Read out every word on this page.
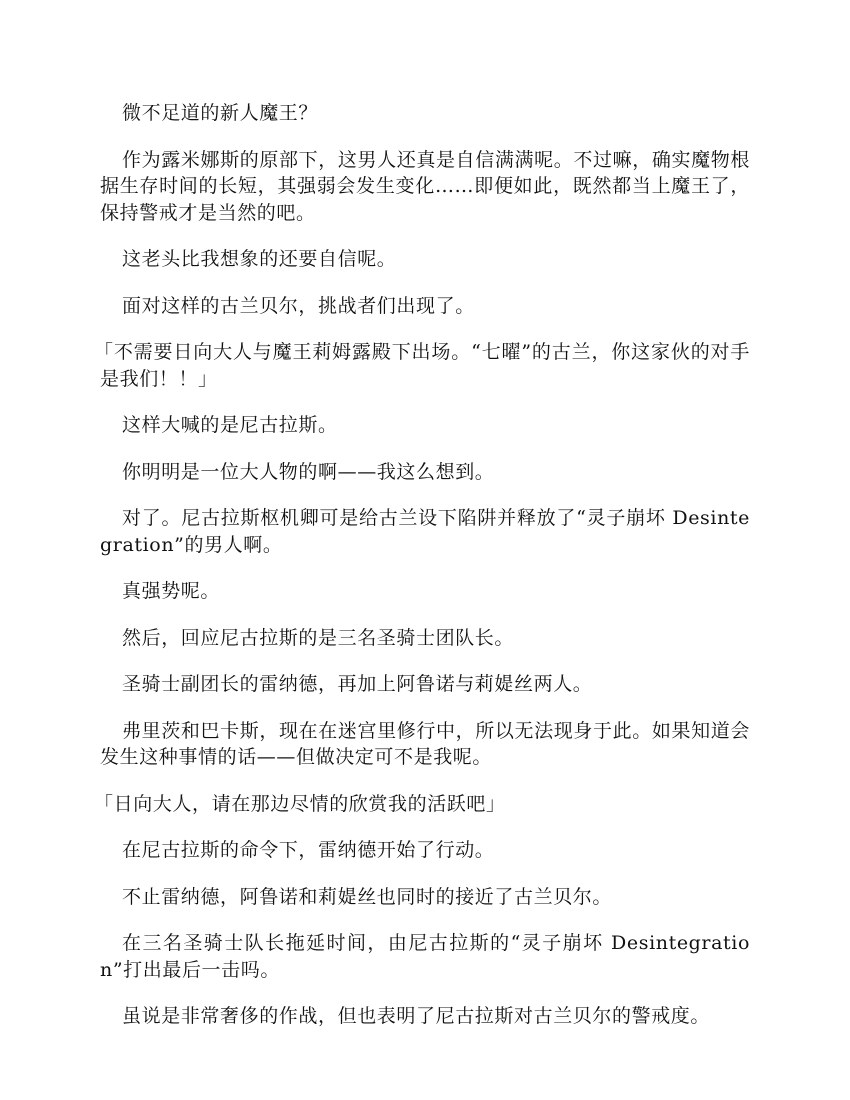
微不足道的新人魔王？

作为露米娜斯的原部下，这男人还真是自信满满呢。不过嘛，确实魔物根据生存时间的长短，其强弱会发生变化……即便如此，既然都当上魔王了，保持警戒才是当然的吧。

这老头比我想象的还要自信呢。

面对这样的古兰贝尔，挑战者们出现了。

「不需要日向大人与魔王莉姆露殿下出场。“七曜”的古兰，你这家伙的对手是我们！！」

这样大喊的是尼古拉斯。

你明明是一位大人物的啊——我这么想到。

对了。尼古拉斯枢机卿可是给古兰设下陷阱并释放了“灵子崩坏 Desintegration”的男人啊。

真强势呢。

然后，回应尼古拉斯的是三名圣骑士团队长。

圣骑士副团长的雷纳德，再加上阿鲁诺与莉媞丝两人。

弗里茨和巴卡斯，现在在迷宫里修行中，所以无法现身于此。如果知道会发生这种事情的话——但做决定可不是我呢。

「日向大人，请在那边尽情的欣赏我的活跃吧」

在尼古拉斯的命令下，雷纳德开始了行动。

不止雷纳德，阿鲁诺和莉媞丝也同时的接近了古兰贝尔。

在三名圣骑士队长拖延时间，由尼古拉斯的“灵子崩坏 Desintegration”打出最后一击吗。

虽说是非常奢侈的作战，但也表明了尼古拉斯对古兰贝尔的警戒度。
